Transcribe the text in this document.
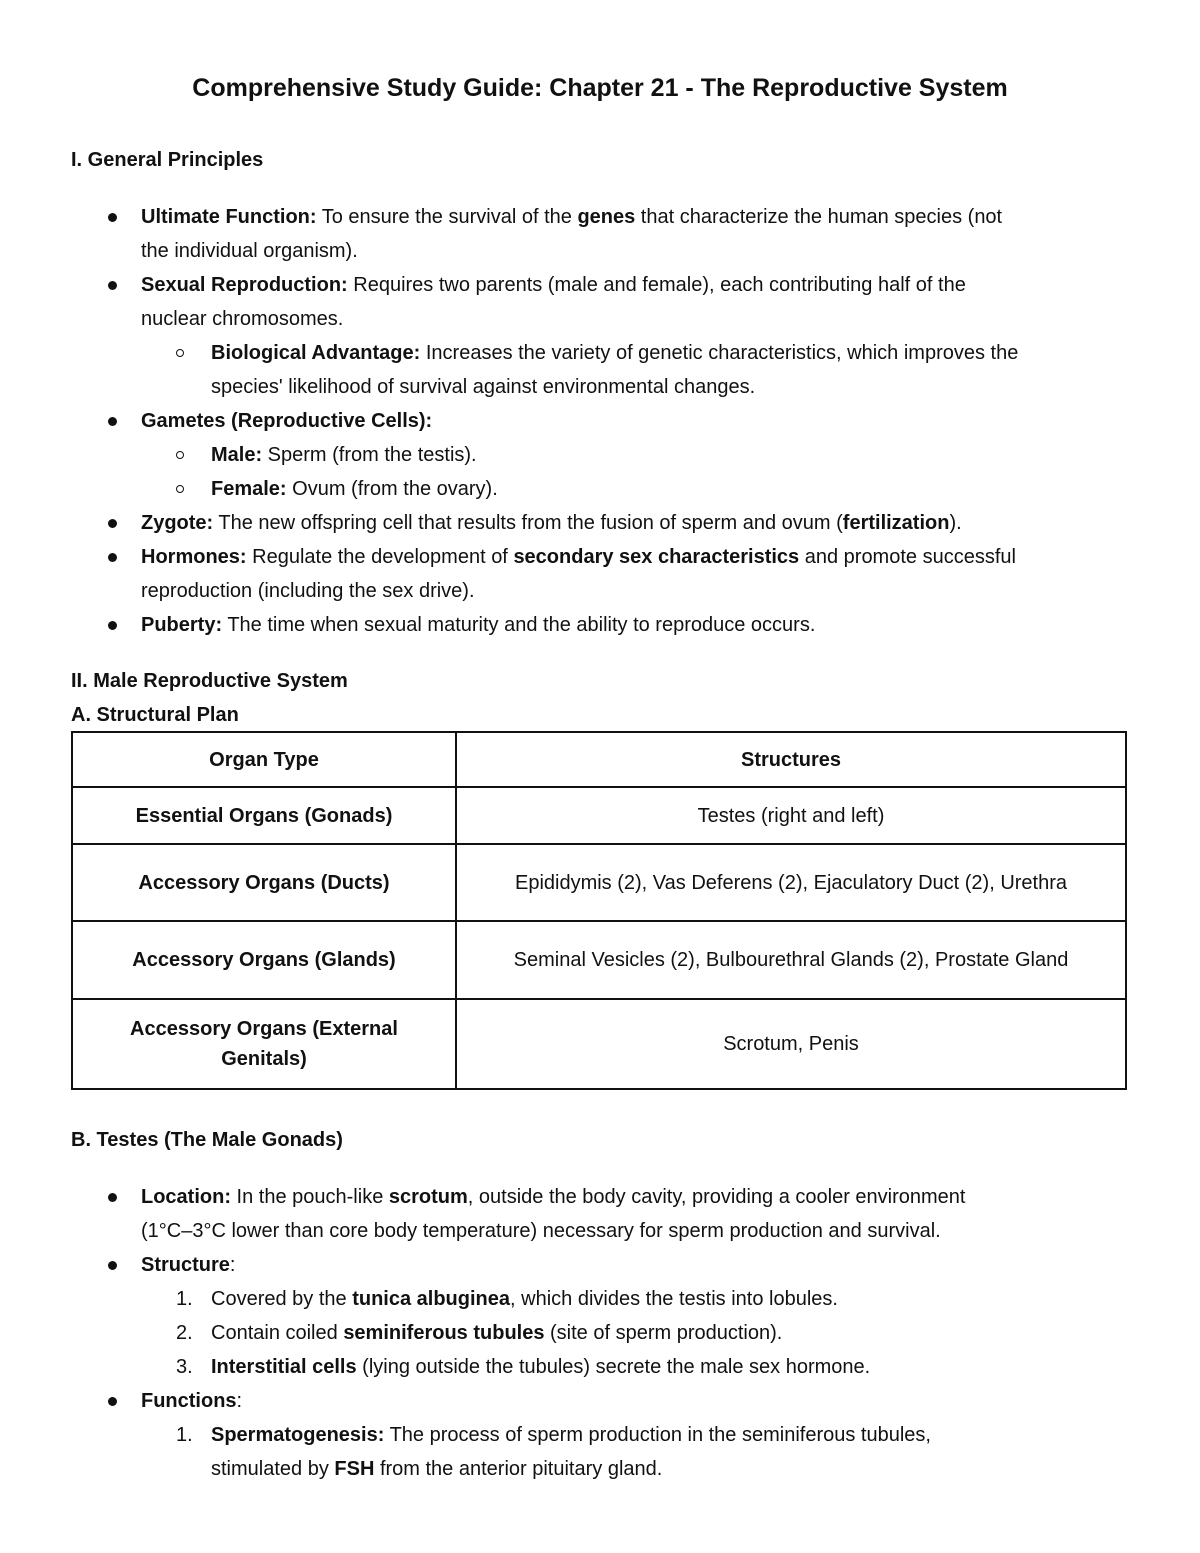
Comprehensive Study Guide: Chapter 21 - The Reproductive System
I. General Principles
Ultimate Function: To ensure the survival of the genes that characterize the human species (not
the individual organism).
Sexual Reproduction: Requires two parents (male and female), each contributing half of the
nuclear chromosomes.
Biological Advantage: Increases the variety of genetic characteristics, which improves the
species' likelihood of survival against environmental changes.
Gametes (Reproductive Cells):
Male: Sperm (from the testis).
Female: Ovum (from the ovary).
Zygote: The new offspring cell that results from the fusion of sperm and ovum (fertilization).
Hormones: Regulate the development of secondary sex characteristics and promote successful
reproduction (including the sex drive).
Puberty: The time when sexual maturity and the ability to reproduce occurs.
II. Male Reproductive System
A. Structural Plan
Organ Type	Structures
Essential Organs (Gonads)	Testes (right and left)
Accessory Organs (Ducts)	Epididymis (2), Vas Deferens (2), Ejaculatory Duct (2), Urethra
Accessory Organs (Glands)	Seminal Vesicles (2), Bulbourethral Glands (2), Prostate Gland
Accessory Organs (External
Genitals)	Scrotum, Penis
B. Testes (The Male Gonads)
Location: In the pouch-like scrotum, outside the body cavity, providing a cooler environment
(1°C–3°C lower than core body temperature) necessary for sperm production and survival.
Structure:
1. Covered by the tunica albuginea, which divides the testis into lobules.
2. Contain coiled seminiferous tubules (site of sperm production).
3. Interstitial cells (lying outside the tubules) secrete the male sex hormone.
Functions:
1. Spermatogenesis: The process of sperm production in the seminiferous tubules,
stimulated by FSH from the anterior pituitary gland.
